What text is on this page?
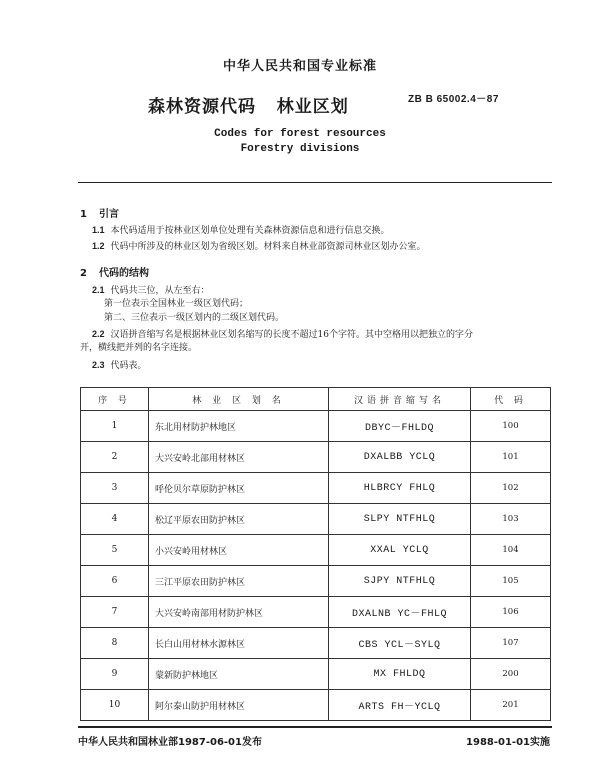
中华人民共和国专业标准
ZB B 65002.4－87
森林资源代码   林业区划
Codes for forest resources
Forestry divisions
1 引言
1.1 本代码适用于按林业区划单位处理有关森林资源信息和进行信息交换。
1.2 代码中所涉及的林业区划为省级区划。材料来自林业部资源司林业区划办公室。
2 代码的结构
2.1 代码共三位，从左至右：
第一位表示全国林业一级区划代码；
第二、三位表示一级区划内的二级区划代码。
2.2 汉语拼音缩写名是根据林业区划名缩写的长度不超过16个字符。其中空格用以把独立的字分
开，横线把并列的名字连接。
2.3 代码表。
序 号	林 业 区 划 名	汉语拼音缩写名	代 码
1	东北用材防护林地区	DBYC－FHLDQ	100
2	大兴安岭北部用材林区	DXALBB YCLQ	101
3	呼伦贝尔草原防护林区	HLBRCY FHLQ	102
4	松辽平原农田防护林区	SLPY NTFHLQ	103
5	小兴安岭用材林区	XXAL YCLQ	104
6	三江平原农田防护林区	SJPY NTFHLQ	105
7	大兴安岭南部用材防护林区	DXALNB YC－FHLQ	106
8	长白山用材林水源林区	CBS YCL－SYLQ	107
9	蒙新防护林地区	MX FHLDQ	200
10	阿尔泰山防护用材林区	ARTS FH－YCLQ	201
中华人民共和国林业部1987-06-01发布	1988-01-01实施
